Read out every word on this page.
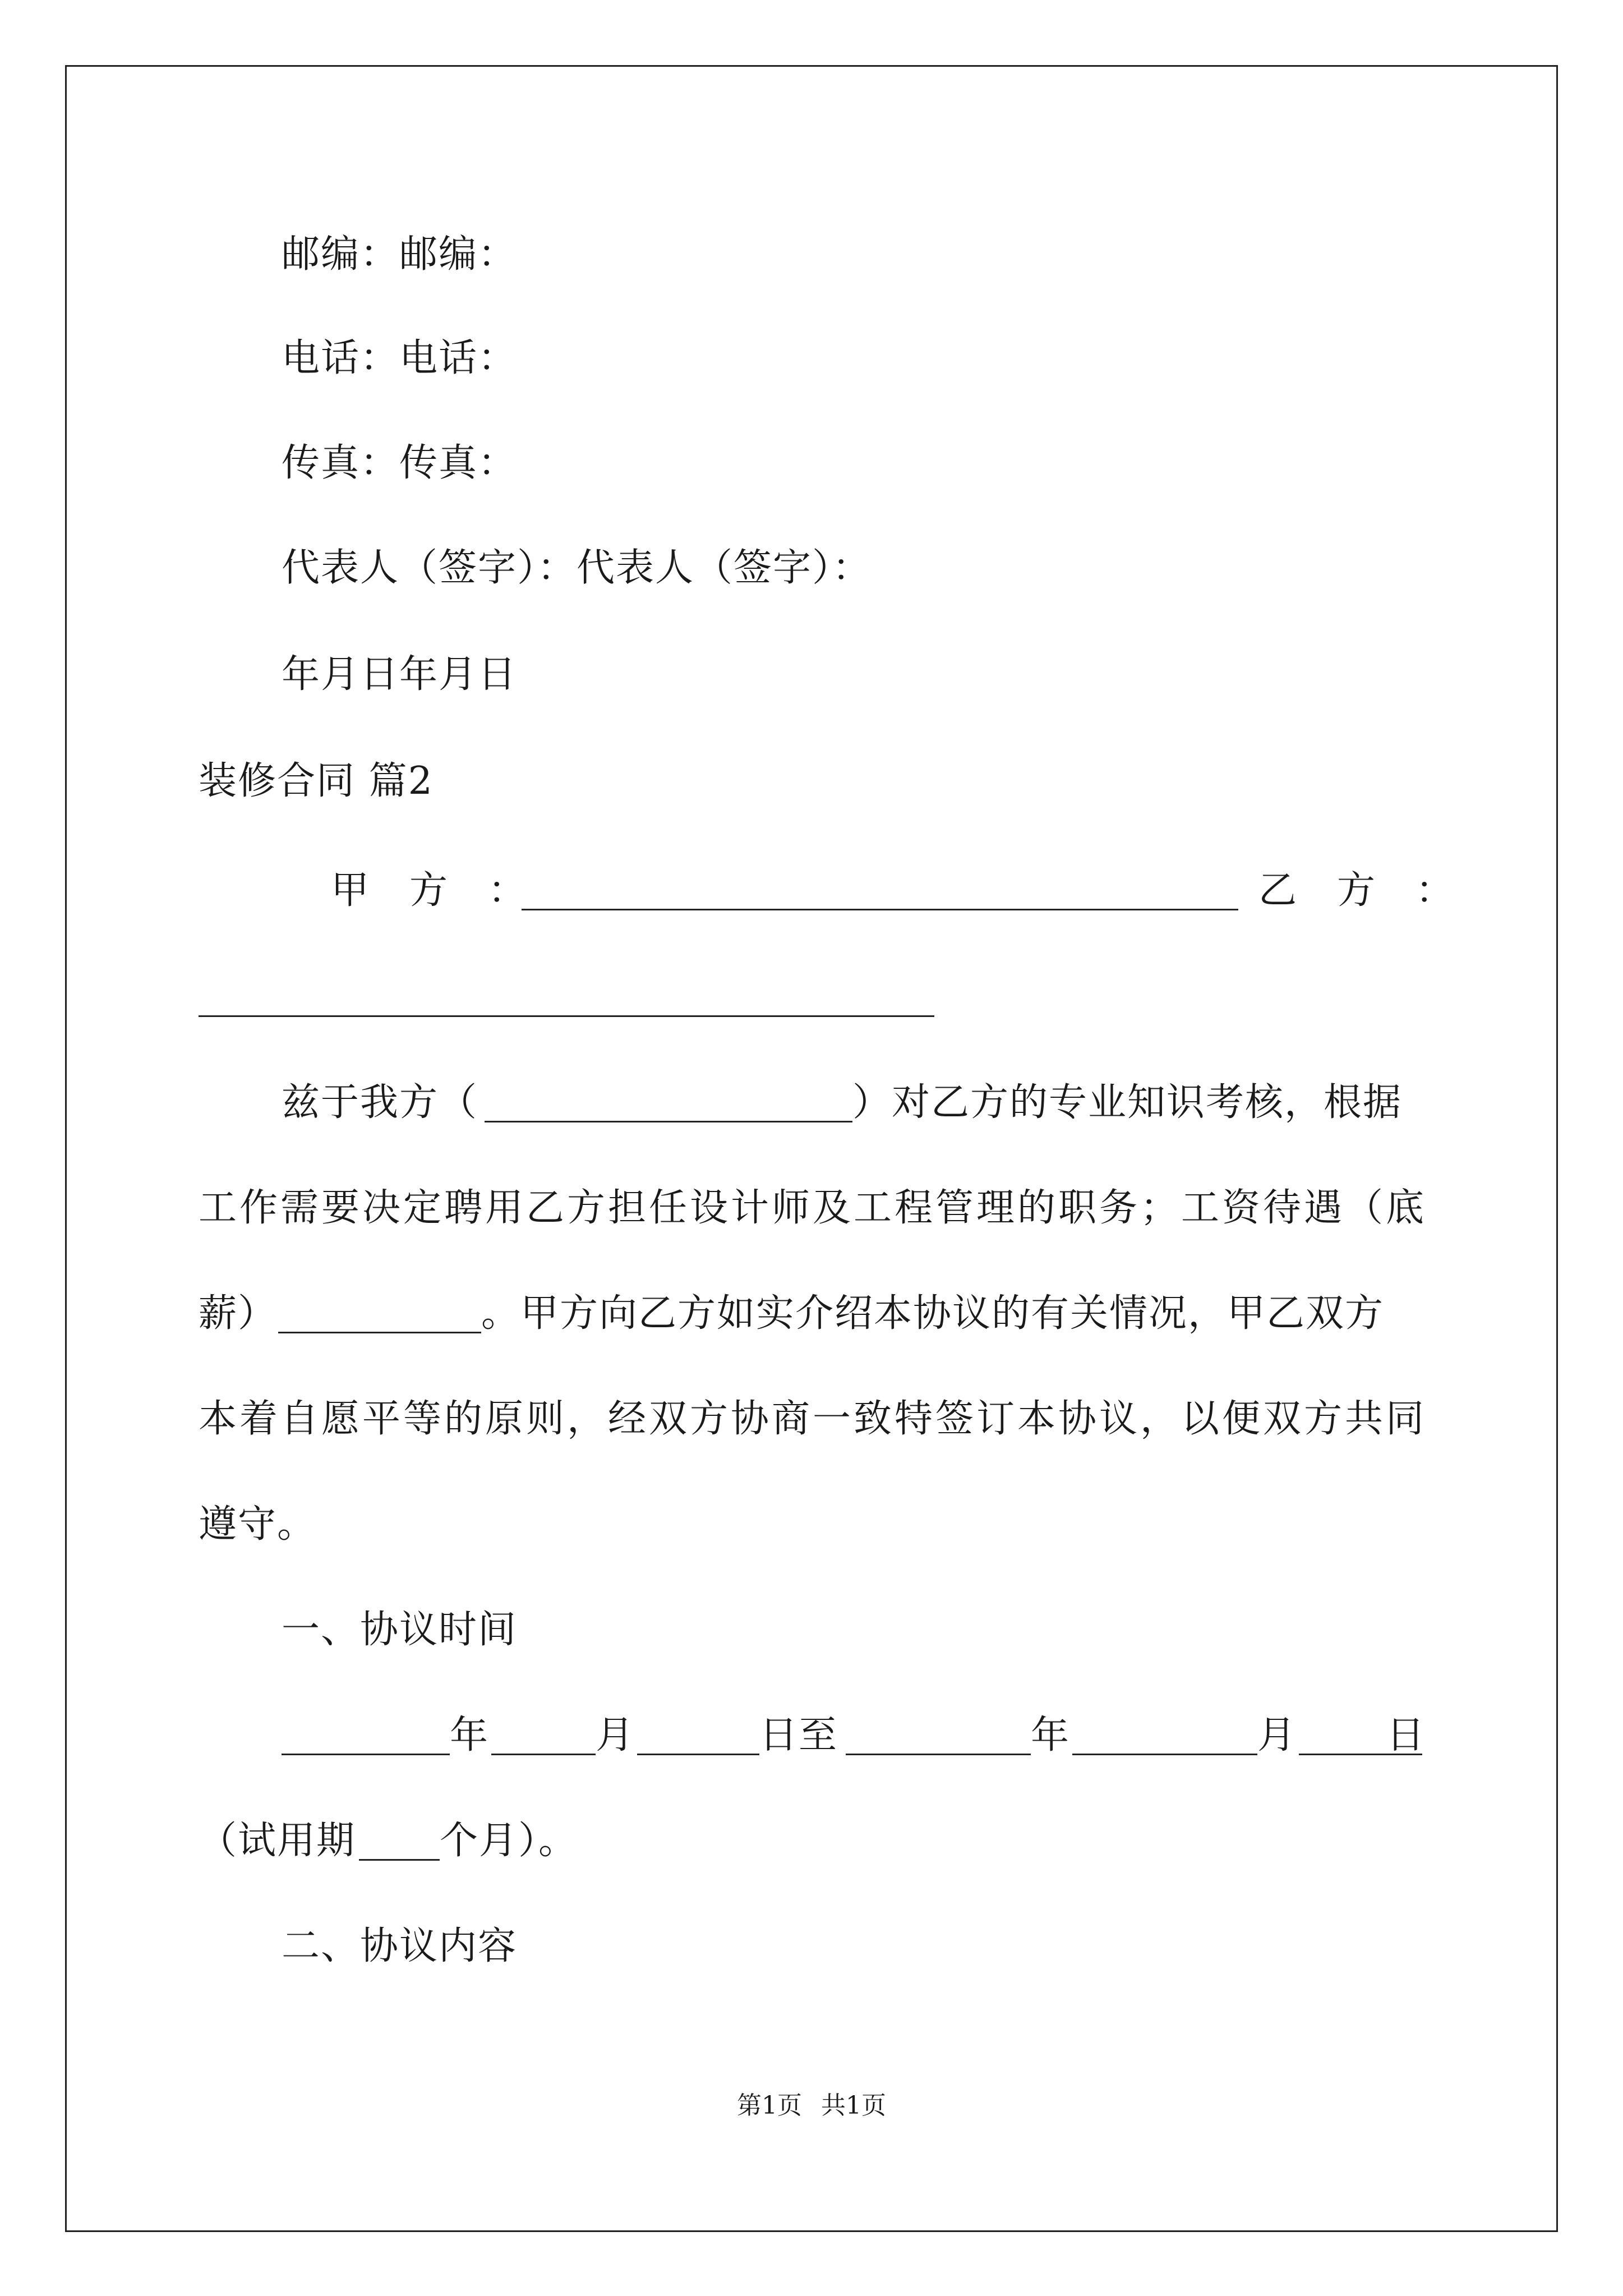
邮编：邮编：
电话：电话：
传真：传真：
代表人（签字）：代表人（签字）：
年月日年月日
装修合同 篇2
甲　方　：	乙　方　：
兹于我方（	）对乙方的专业知识考核，根据
工作需要决定聘用乙方担任设计师及工程管理的职务；工资待遇（底
薪）	。甲方向乙方如实介绍本协议的有关情况，甲乙双方
本着自愿平等的原则，经双方协商一致特签订本协议，以便双方共同
遵守。
一、协议时间
年	月	日至	年	月 日
（试用期 个月）。
二、协议内容
第1页 共1页
